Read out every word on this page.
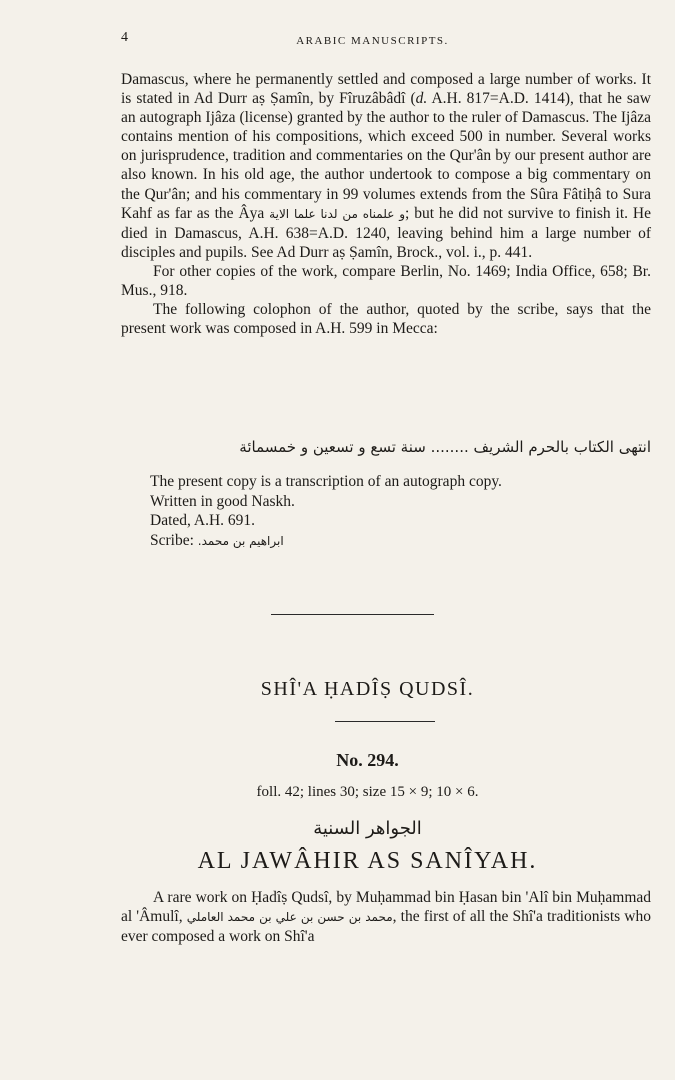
4	ARABIC MANUSCRIPTS.

Damascus, where he permanently settled and composed a large number of works. It is stated in Ad Durr aṣ Ṣamîn, by Fîruzâbâdî (d. A.H. 817=A.D. 1414), that he saw an autograph Ijâza (license) granted by the author to the ruler of Damascus. The Ijâza contains mention of his compositions, which exceed 500 in number. Several works on jurisprudence, tradition and commentaries on the Qur'ân by our present author are also known. In his old age, the author undertook to compose a big commentary on the Qur'ân; and his commentary in 99 volumes extends from the Sûra Fâtiḥâ to Sura Kahf as far as the Âya و علمناه من لدنا علما الاية; but he did not survive to finish it. He died in Damascus, A.H. 638=A.D. 1240, leaving behind him a large number of disciples and pupils. See Ad Durr aṣ Ṣamîn, Brock., vol. i., p. 441.

For other copies of the work, compare Berlin, No. 1469; India Office, 658; Br. Mus., 918.

The following colophon of the author, quoted by the scribe, says that the present work was composed in A.H. 599 in Mecca:

انتهى الكتاب بالحرم الشريف ........ سنة تسع و تسعين و خمسمائة
The present copy is a transcription of an autograph copy.
Written in good Naskh.
Dated, A.H. 691.
Scribe: ابراهيم بن محمد.
SHÎ'A ḤADÎṢ QUDSÎ.
No. 294.
foll. 42; lines 30; size 15 × 9; 10 × 6.
الجواهر السنية
AL JAWÂHIR AS SANÎYAH.

A rare work on Ḥadîṣ Qudsî, by Muḥammad bin Ḥasan bin 'Alî bin Muḥammad al 'Âmulî, محمد بن حسن بن علي بن محمد العاملي, the first of all the Shî'a traditionists who ever composed a work on Shî'a
